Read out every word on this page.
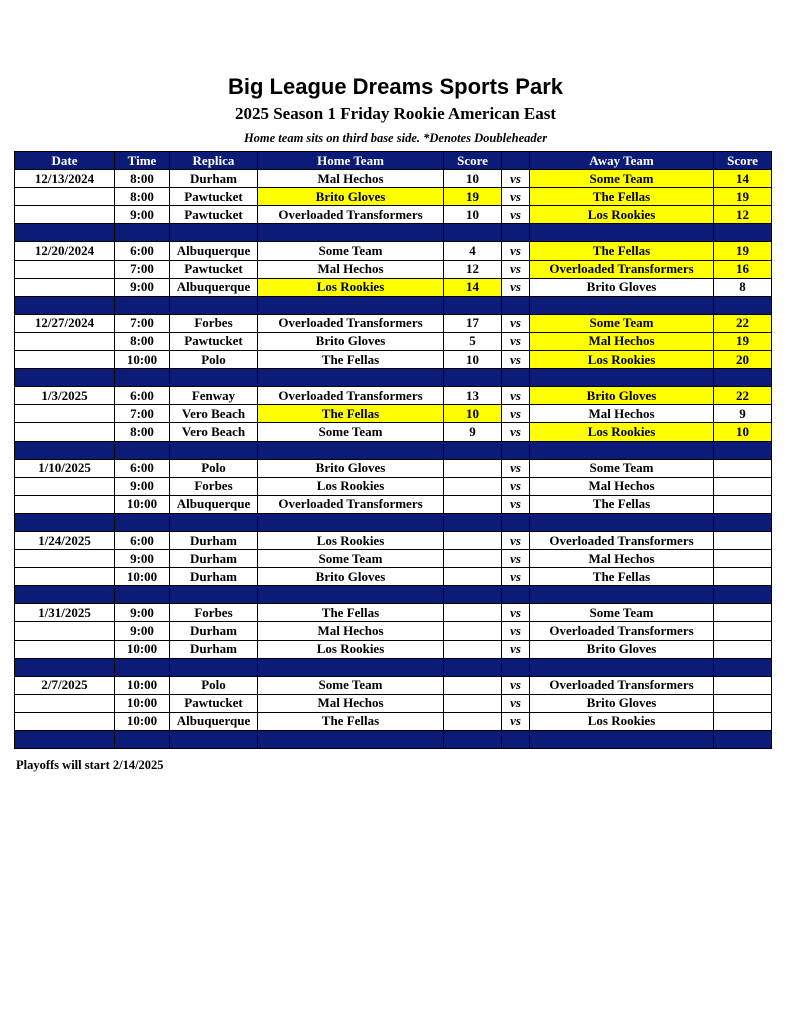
Big League Dreams Sports Park
2025 Season 1 Friday Rookie American East
Home team sits on third base side. *Denotes Doubleheader
Date	Time	Replica	Home Team	Score		Away Team	Score
12/13/2024	8:00	Durham	Mal Hechos	10	vs	Some Team	14
	8:00	Pawtucket	Brito Gloves	19	vs	The Fellas	19
	9:00	Pawtucket	Overloaded Transformers	10	vs	Los Rookies	12

12/20/2024	6:00	Albuquerque	Some Team	4	vs	The Fellas	19
	7:00	Pawtucket	Mal Hechos	12	vs	Overloaded Transformers	16
	9:00	Albuquerque	Los Rookies	14	vs	Brito Gloves	8

12/27/2024	7:00	Forbes	Overloaded Transformers	17	vs	Some Team	22
	8:00	Pawtucket	Brito Gloves	5	vs	Mal Hechos	19
	10:00	Polo	The Fellas	10	vs	Los Rookies	20

1/3/2025	6:00	Fenway	Overloaded Transformers	13	vs	Brito Gloves	22
	7:00	Vero Beach	The Fellas	10	vs	Mal Hechos	9
	8:00	Vero Beach	Some Team	9	vs	Los Rookies	10

1/10/2025	6:00	Polo	Brito Gloves		vs	Some Team	
	9:00	Forbes	Los Rookies		vs	Mal Hechos	
	10:00	Albuquerque	Overloaded Transformers		vs	The Fellas	

1/24/2025	6:00	Durham	Los Rookies		vs	Overloaded Transformers	
	9:00	Durham	Some Team		vs	Mal Hechos	
	10:00	Durham	Brito Gloves		vs	The Fellas	

1/31/2025	9:00	Forbes	The Fellas		vs	Some Team	
	9:00	Durham	Mal Hechos		vs	Overloaded Transformers	
	10:00	Durham	Los Rookies		vs	Brito Gloves	

2/7/2025	10:00	Polo	Some Team		vs	Overloaded Transformers	
	10:00	Pawtucket	Mal Hechos		vs	Brito Gloves	
	10:00	Albuquerque	The Fellas		vs	Los Rookies	

Playoffs will start 2/14/2025
